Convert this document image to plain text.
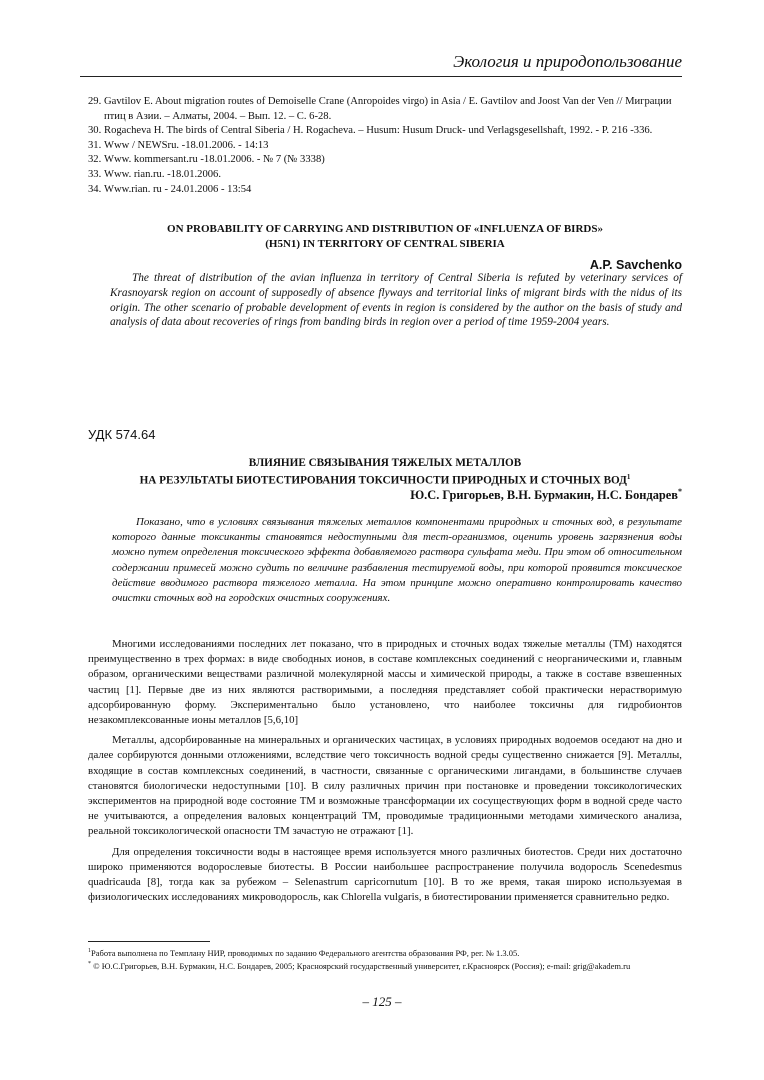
Экология и природопользование
29. Gavtilov E. About migration routes of Demoiselle Crane (Anropoides virgo) in Asia / E. Gavtilov and Joost Van der Ven // Миграции птиц в Азии. – Алматы, 2004. – Вып. 12. – С. 6-28.
30. Rogacheva H. The birds of Central Siberia / H. Rogacheva. – Husum: Husum Druck- und Verlagsgesellshaft, 1992. - P. 216 -336.
31. Www / NEWSru. -18.01.2006. - 14:13
32. Www. kommersant.ru -18.01.2006. - № 7 (№ 3338)
33. Www. rian.ru. -18.01.2006.
34. Www.rian. ru - 24.01.2006 - 13:54
ON PROBABILITY OF CARRYING AND DISTRIBUTION OF «INFLUENZA OF BIRDS»
(H5N1) IN TERRITORY OF CENTRAL SIBERIA
A.P. Savchenko
The threat of distribution of the avian influenza in territory of Central Siberia is refuted by veterinary services of Krasnoyarsk region on account of supposedly of absence flyways and territorial links of migrant birds with the nidus of its origin. The other scenario of probable development of events in region is considered by the author on the basis of study and analysis of data about recoveries of rings from banding birds in region over a period of time 1959-2004 years.
УДК 574.64
ВЛИЯНИЕ СВЯЗЫВАНИЯ ТЯЖЕЛЫХ МЕТАЛЛОВ
НА РЕЗУЛЬТАТЫ БИОТЕСТИРОВАНИЯ ТОКСИЧНОСТИ ПРИРОДНЫХ И СТОЧНЫХ ВОД$^1$
Ю.С. Григорьев, В.Н. Бурмакин, Н.С. Бондарев*
Показано, что в условиях связывания тяжелых металлов компонентами природных и сточных вод, в результате которого данные токсиканты становятся недоступными для тест-организмов, оценить уровень загрязнения воды можно путем определения токсического эффекта добавляемого раствора сульфата меди. При этом об относительном содержании примесей можно судить по величине разбавления тестируемой воды, при которой проявится токсическое действие вводимого раствора тяжелого металла. На этом принципе можно оперативно контролировать качество очистки сточных вод на городских очистных сооружениях.

Многими исследованиями последних лет показано, что в природных и сточных водах тяжелые металлы (ТМ) находятся преимущественно в трех формах: в виде свободных ионов, в составе комплексных соединений с неорганическими и, главным образом, органическими веществами различной молекулярной массы и химической природы, а также в составе взвешенных частиц [1]. Первые две из них являются растворимыми, а последняя представляет собой практически нерастворимую адсорбированную форму. Экспериментально было установлено, что наиболее токсичны для гидробионтов незакомплексованные ионы металлов [5,6,10]

Металлы, адсорбированные на минеральных и органических частицах, в условиях природных водоемов оседают на дно и далее сорбируются донными отложениями, вследствие чего токсичность водной среды существенно снижается [9]. Металлы, входящие в состав комплексных соединений, в частности, связанные с органическими лигандами, в большинстве случаев становятся биологически недоступными [10]. В силу различных причин при постановке и проведении токсикологических экспериментов на природной воде состояние ТМ и возможные трансформации их сосуществующих форм в водной среде часто не учитываются, а определения валовых концентраций ТМ, проводимые традиционными методами химического анализа, реальной токсикологической опасности ТМ зачастую не отражают [1].

Для определения токсичности воды в настоящее время используется много различных биотестов. Среди них достаточно широко применяются водорослевые биотесты. В России наибольшее распространение получила водоросль Scenedesmus quadricauda [8], тогда как за рубежом – Selenastrum capricornutum [10]. В то же время, такая широко используемая в физиологических исследованиях микроводоросль, как Chlorella vulgaris, в биотестировании применяется сравнительно редко.

$^1$Работа выполнена по Темплану НИР, проводимых по заданию Федерального агентства образования РФ, рег. № 1.3.05.

* © Ю.С.Григорьев, В.Н. Бурмакин, Н.С. Бондарев, 2005; Красноярский государственный университет, г.Красноярск (Россия); e-mail: grig@akadem.ru

– 125 –
